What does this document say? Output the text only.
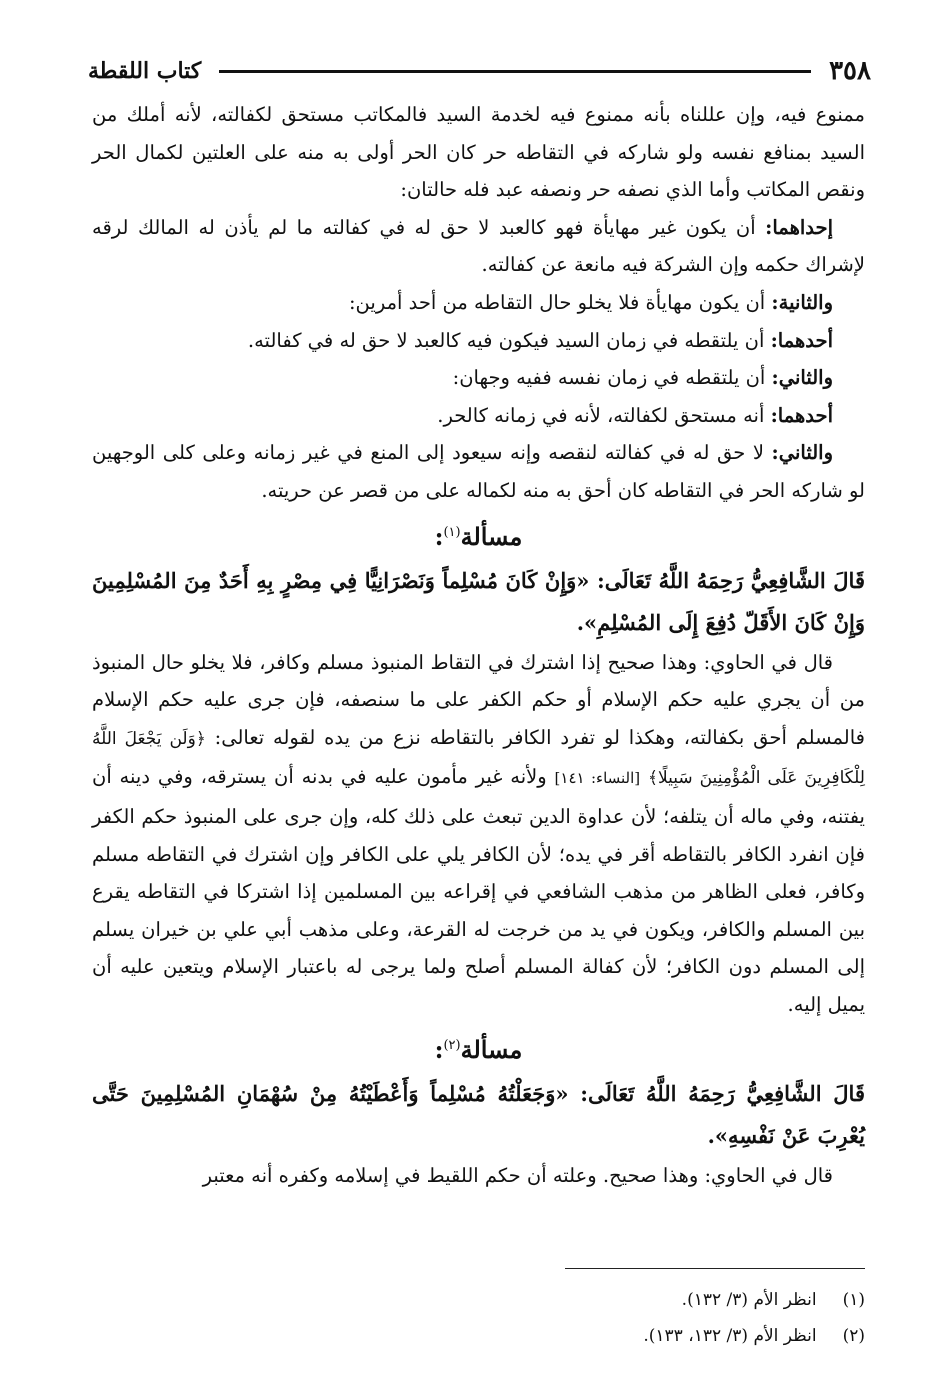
٣٥٨
كتاب اللقطة

ممنوع فيه، وإن عللناه بأنه ممنوع فيه لخدمة السيد فالمكاتب مستحق لكفالته، لأنه أملك من السيد بمنافع نفسه ولو شاركه في التقاطه حر كان الحر أولى به منه على العلتين لكمال الحر ونقص المكاتب وأما الذي نصفه حر ونصفه عبد فله حالتان:

إحداهما: أن يكون غير مهايأة فهو كالعبد لا حق له في كفالته ما لم يأذن له المالك لرقه لإشراك حكمه وإن الشركة فيه مانعة عن كفالته.

والثانية: أن يكون مهايأة فلا يخلو حال التقاطه من أحد أمرين:

أحدهما: أن يلتقطه في زمان السيد فيكون فيه كالعبد لا حق له في كفالته.

والثاني: أن يلتقطه في زمان نفسه ففيه وجهان:

أحدهما: أنه مستحق لكفالته، لأنه في زمانه كالحر.

والثاني: لا حق له في كفالته لنقصه وإنه سيعود إلى المنع في غير زمانه وعلى كلى الوجهين لو شاركه الحر في التقاطه كان أحق به منه لكماله على من قصر عن حريته.

مسألة$^{(١)}$:

قَالَ الشَّافِعِيُّ رَحِمَهُ اللَّهُ تَعَالَى: «وَإِنْ كَانَ مُسْلِماً وَنَصْرَانِيًّا فِي مِصْرٍ بِهِ أَحَدٌ مِنَ المُسْلِمِينَ وَإِنْ كَانَ الأَقَلّ دُفِعَ إِلَى المُسْلِمِ».

قال في الحاوي: وهذا صحيح إذا اشترك في التقاط المنبوذ مسلم وكافر، فلا يخلو حال المنبوذ من أن يجري عليه حكم الإسلام أو حكم الكفر على ما سنصفه، فإن جرى عليه حكم الإسلام فالمسلم أحق بكفالته، وهكذا لو تفرد الكافر بالتقاطه نزع من يده لقوله تعالى: ﴿وَلَن يَجْعَلَ اللَّهُ لِلْكَافِرِينَ عَلَى الْمُؤْمِنِينَ سَبِيلًا﴾ [النساء: ١٤١] ولأنه غير مأمون عليه في بدنه أن يسترقه، وفي دينه أن يفتنه، وفي ماله أن يتلفه؛ لأن عداوة الدين تبعث على ذلك كله، وإن جرى على المنبوذ حكم الكفر فإن انفرد الكافر بالتقاطه أقر في يده؛ لأن الكافر يلي على الكافر وإن اشترك في التقاطه مسلم وكافر، فعلى الظاهر من مذهب الشافعي في إقراعه بين المسلمين إذا اشتركا في التقاطه يقرع بين المسلم والكافر، ويكون في يد من خرجت له القرعة، وعلى مذهب أبي علي بن خيران يسلم إلى المسلم دون الكافر؛ لأن كفالة المسلم أصلح ولما يرجى له باعتبار الإسلام ويتعين عليه أن يميل إليه.

مسألة$^{(٢)}$:

قَالَ الشَّافِعِيُّ رَحِمَهُ اللَّهُ تَعَالَى: «وَجَعَلْتُهُ مُسْلِماً وَأَعْطَيْتُهُ مِنْ سُهْمَانِ المُسْلِمِينَ حَتَّى يُعْرِبَ عَنْ نَفْسِهِ».

قال في الحاوي: وهذا صحيح. وعلته أن حكم اللقيط في إسلامه وكفره أنه معتبر

(١)
انظر الأم (٣/ ١٣٢).
(٢)
انظر الأم (٣/ ١٣٢، ١٣٣).
